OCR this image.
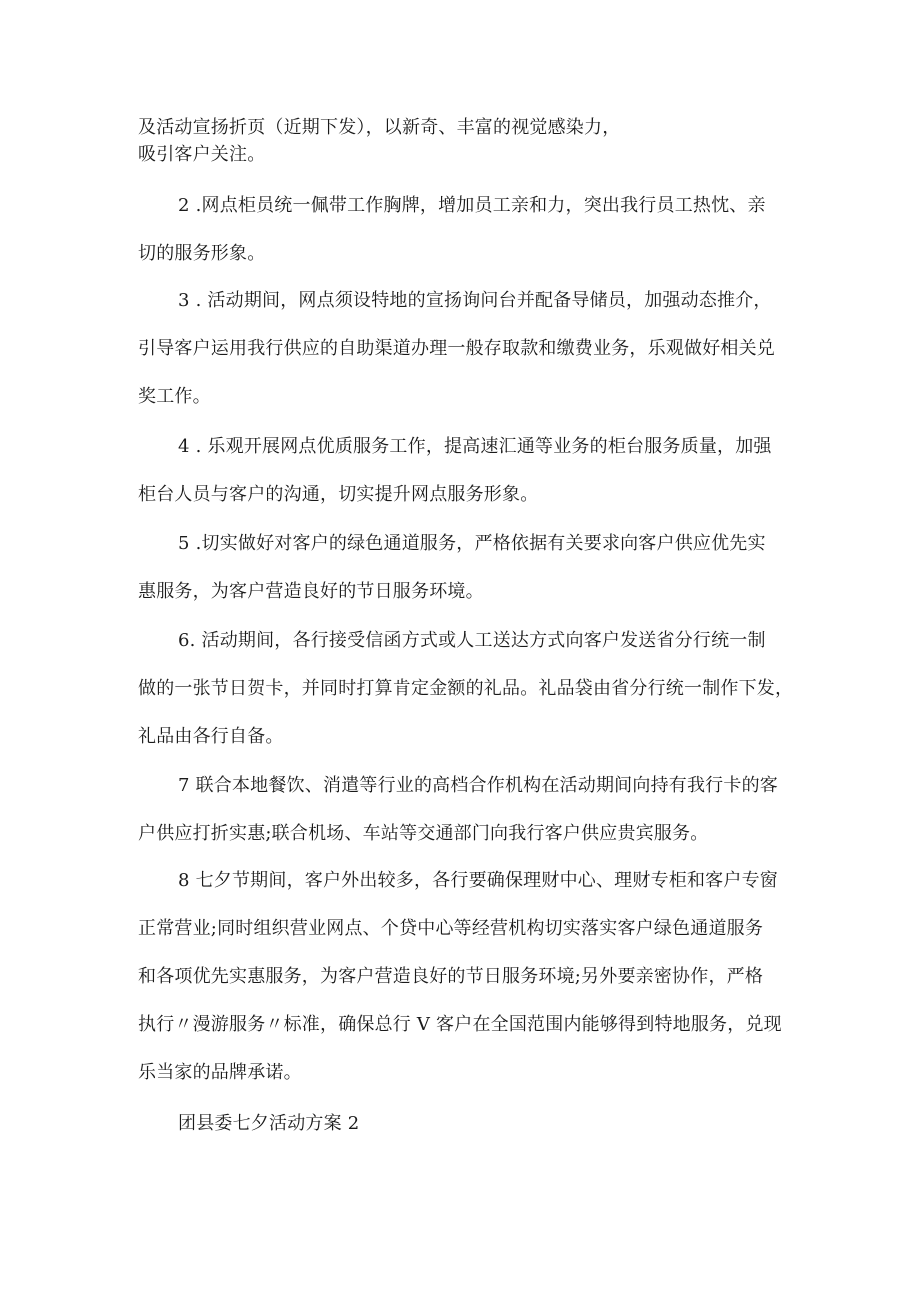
及活动宣扬折页（近期下发），以新奇、丰富的视觉感染力，
吸引客户关注。
2 .网点柜员统一佩带工作胸牌，增加员工亲和力，突出我行员工热忱、亲
切的服务形象。
3 . 活动期间，网点须设特地的宣扬询问台并配备导储员，加强动态推介，
引导客户运用我行供应的自助渠道办理一般存取款和缴费业务，乐观做好相关兑
奖工作。
4 . 乐观开展网点优质服务工作，提高速汇通等业务的柜台服务质量，加强
柜台人员与客户的沟通，切实提升网点服务形象。
5 .切实做好对客户的绿色通道服务，严格依据有关要求向客户供应优先实
惠服务，为客户营造良好的节日服务环境。
6. 活动期间，各行接受信函方式或人工送达方式向客户发送省分行统一制
做的一张节日贺卡，并同时打算肯定金额的礼品。礼品袋由省分行统一制作下发，
礼品由各行自备。
7 联合本地餐饮、消遣等行业的高档合作机构在活动期间向持有我行卡的客
户供应打折实惠;联合机场、车站等交通部门向我行客户供应贵宾服务。
8 七夕节期间，客户外出较多，各行要确保理财中心、理财专柜和客户专窗
正常营业;同时组织营业网点、个贷中心等经营机构切实落实客户绿色通道服务
和各项优先实惠服务，为客户营造良好的节日服务环境;另外要亲密协作，严格
执行〃漫游服务〃标准，确保总行 V 客户在全国范围内能够得到特地服务，兑现
乐当家的品牌承诺。
团县委七夕活动方案 2
